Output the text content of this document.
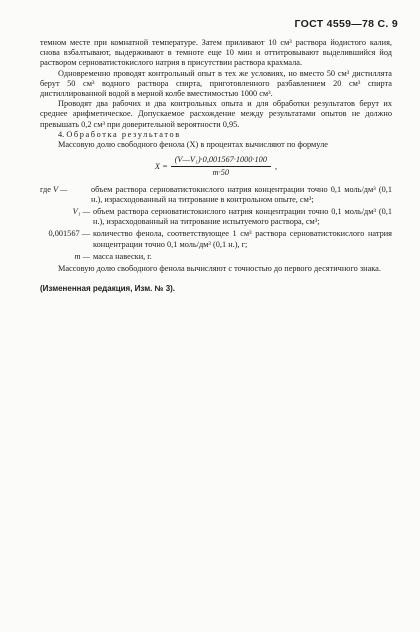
ГОСТ 4559—78 С. 9

темном месте при комнатной температуре. Затем приливают 10 см³ раствора йодистого калия, снова взбалтывают, выдерживают в темноте еще 10 мин и оттитровывают выделившийся йод раствором серноватистокислого натрия в присутствии раствора крахмала.

Одновременно проводят контрольный опыт в тех же условиях, но вместо 50 см³ дистиллята берут 50 см³ водного раствора спирта, приготовленного разбавлением 20 см³ спирта дистиллированной водой в мерной колбе вместимостью 1000 см³.

Проводят два рабочих и два контрольных опыта и для обработки результатов берут их среднее арифметическое. Допускаемое расхождение между результатами опытов не должно превышать 0,2 см³ при доверительной вероятности 0,95.

4. Обработка результатов

Массовую долю свободного фенола (X) в процентах вычисляют по формуле

$X = \frac{\text{(V—V₁)·0,001567·1000·100}}{m\cdot 50}$ ,
где V —	объем раствора серноватистокислого натрия концентрации точно 0,1 моль/дм³ (0,1 н.), израсходованный на титрование в контрольном опыте, см³;
V₁ — объем раствора серноватистокислого натрия концентрации точно 0,1 моль/дм³ (0,1 н.), израсходованный на титрование испытуемого раствора, см³;
0,001567 — количество фенола, соответствующее 1 см³ раствора серноватистокислого натрия концентрации точно 0,1 моль/дм³ (0,1 н.), г;
m — масса навески, г.

Массовую долю свободного фенола вычисляют с точностью до первого десятичного знака.

(Измененная редакция, Изм. № 3).
